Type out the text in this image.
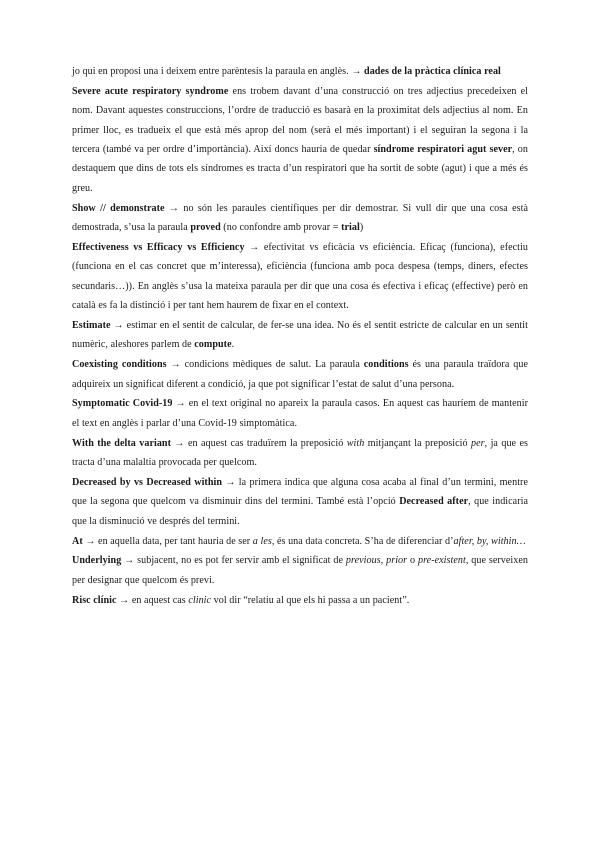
jo qui en proposi una i deixem entre parèntesis la paraula en anglès. → dades de la pràctica clínica real

Severe acute respiratory syndrome ens trobem davant d’una construcció on tres adjectius precedeixen el nom. Davant aquestes construccions, l’ordre de traducció es basarà en la proximitat dels adjectius al nom. En primer lloc, es tradueix el que està més aprop del nom (serà el més important) i el seguiran la segona i la tercera (també va per ordre d’importància). Així doncs hauria de quedar síndrome respiratori agut sever, on destaquem que dins de tots els síndromes es tracta d’un respiratori que ha sortit de sobte (agut) i que a més és greu.

Show // demonstrate → no són les paraules científiques per dir demostrar. Si vull dir que una cosa està demostrada, s’usa la paraula proved (no confondre amb provar = trial)

Effectiveness vs Efficacy vs Efficiency → efectivitat vs eficàcia vs eficiència. Eficaç (funciona), efectiu (funciona en el cas concret que m’interessa), eficiència (funciona amb poca despesa (temps, diners, efectes secundaris…)). En anglès s’usa la mateixa paraula per dir que una cosa és efectiva i eficaç (effective) però en català es fa la distinció i per tant hem haurem de fixar en el context.

Estimate → estimar en el sentit de calcular, de fer-se una idea. No és el sentit estricte de calcular en un sentit numèric, aleshores parlem de compute.

Coexisting conditions → condicions mèdiques de salut. La paraula conditions és una paraula traïdora que adquireix un significat diferent a condició, ja que pot significar l’estat de salut d’una persona.

Symptomatic Covid-19 → en el text original no apareix la paraula casos. En aquest cas hauríem de mantenir el text en anglès i parlar d’una Covid-19 simptomàtica.

With the delta variant → en aquest cas traduïrem la preposició with mitjançant la preposició per, ja que es tracta d’una malaltia provocada per quelcom.

Decreased by vs Decreased within → la primera indica que alguna cosa acaba al final d’un termini, mentre que la segona que quelcom va disminuir dins del termini. També està l’opció Decreased after, que indicaria que la disminució ve després del termini.

At → en aquella data, per tant hauria de ser a les, és una data concreta. S’ha de diferenciar d’after, by, within…

Underlying → subjacent, no es pot fer servir amb el significat de previous, prior o pre-existent, que serveixen per designar que quelcom és previ.

Risc clínic → en aquest cas clinic vol dir “relatiu al que els hi passa a un pacient”.
